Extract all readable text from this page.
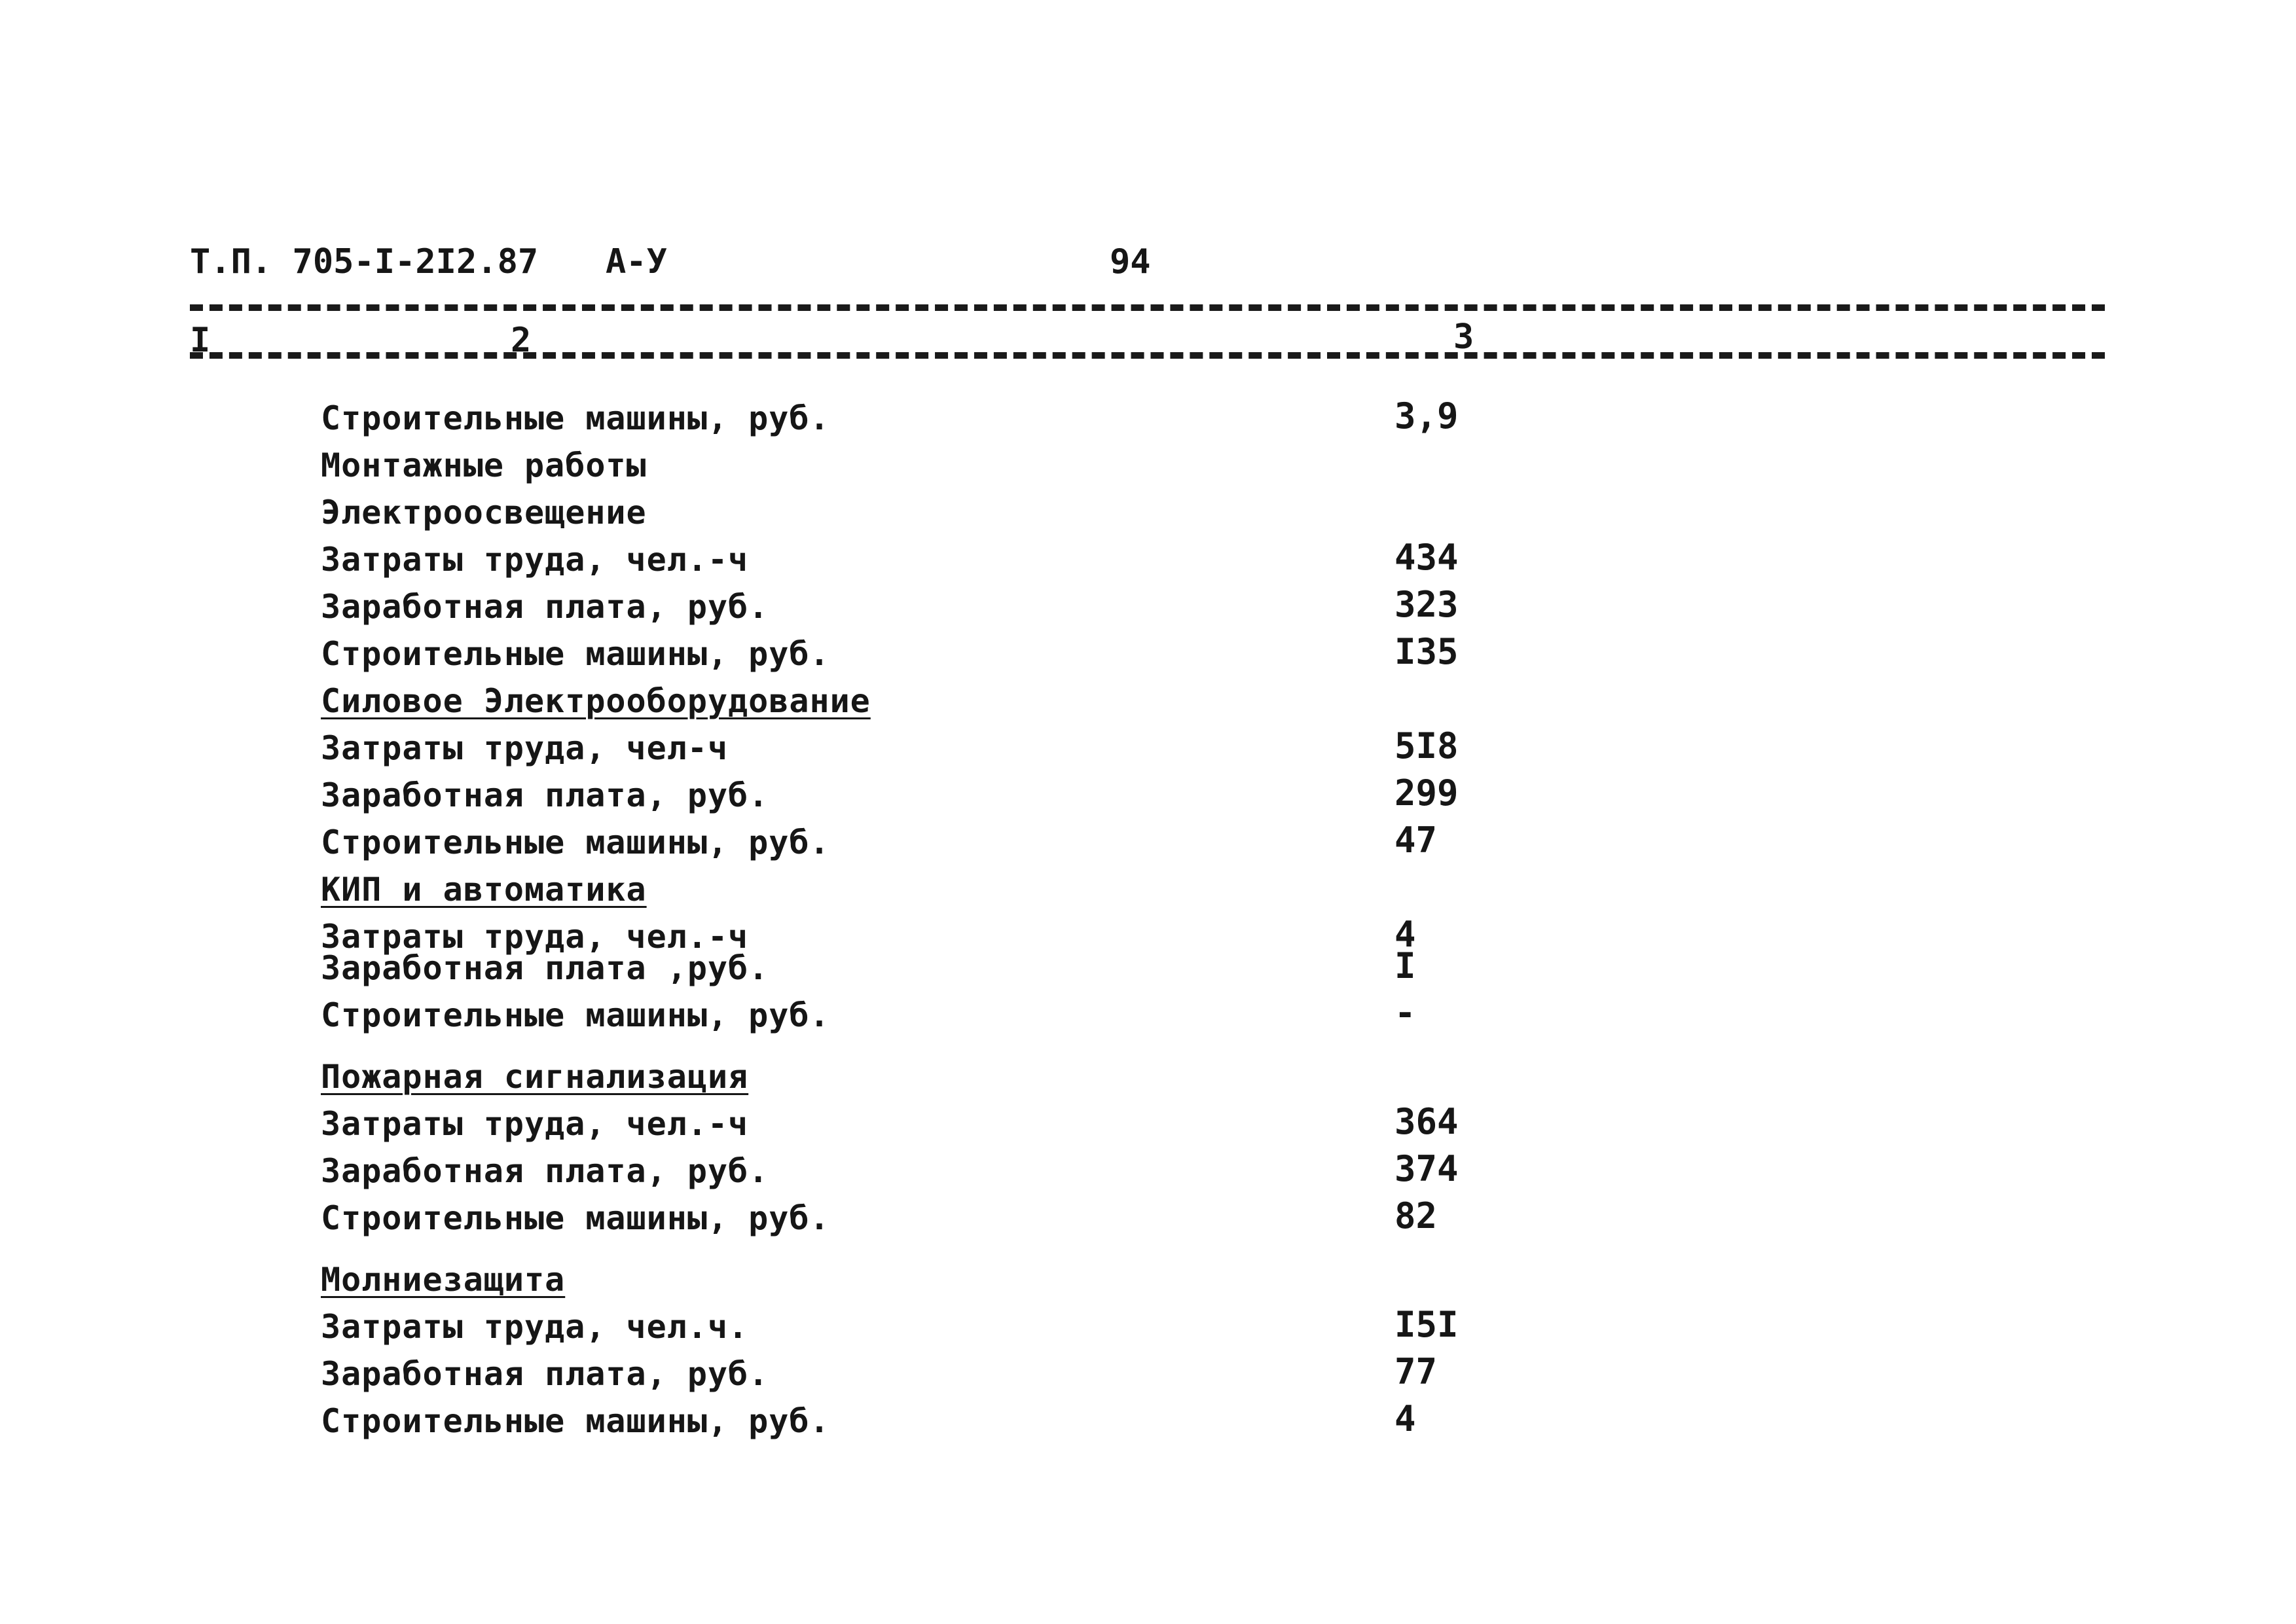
Т.П. 705-I-2I2.87 А-У	94
I	2	3
Строительные машины, руб.	3,9
Монтажные работы
Электроосвещение
Затраты труда, чел.-ч	434
Заработная плата, руб.	323
Строительные машины, руб.	I35
Силовое Электрооборудование
Затраты труда, чел-ч	5I8
Заработная плата, руб.	299
Строительные машины, руб.	47
КИП и автоматика
Затраты труда, чел.-ч	4
Заработная плата ,руб.	I
Строительные машины, руб.	-
Пожарная сигнализация
Затраты труда, чел.-ч	364
Заработная плата, руб.	374
Строительные машины, руб.	82
Молниезащита
Затраты труда, чел.ч.	I5I
Заработная плата, руб.	77
Строительные машины, руб.	4
